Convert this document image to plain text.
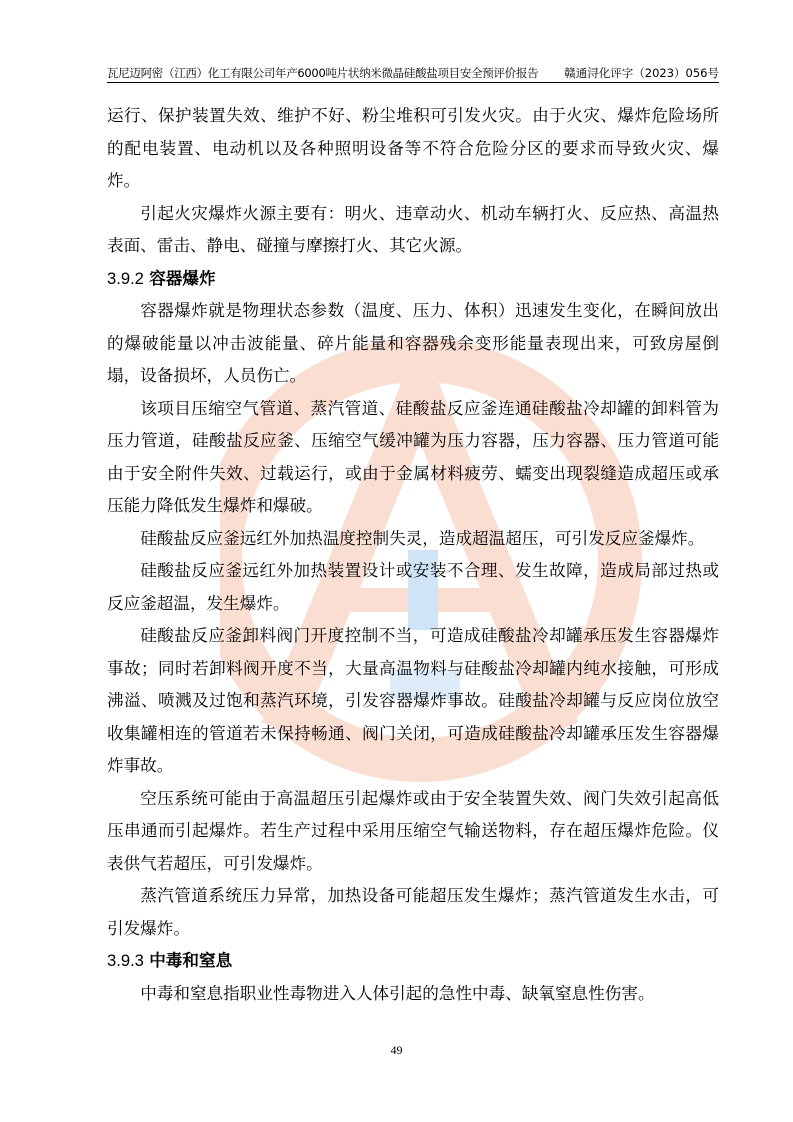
瓦尼迈阿密（江西）化工有限公司年产6000吨片状纳米微晶硅酸盐项目安全预评价报告 赣通浔化评字（2023）056号

运行、保护装置失效、维护不好、粉尘堆积可引发火灾。由于火灾、爆炸危险场所的配电装置、电动机以及各种照明设备等不符合危险分区的要求而导致火灾、爆炸。

引起火灾爆炸火源主要有：明火、违章动火、机动车辆打火、反应热、高温热表面、雷击、静电、碰撞与摩擦打火、其它火源。

3.9.2 容器爆炸

容器爆炸就是物理状态参数（温度、压力、体积）迅速发生变化，在瞬间放出的爆破能量以冲击波能量、碎片能量和容器残余变形能量表现出来，可致房屋倒塌，设备损坏，人员伤亡。

该项目压缩空气管道、蒸汽管道、硅酸盐反应釜连通硅酸盐冷却罐的卸料管为压力管道，硅酸盐反应釜、压缩空气缓冲罐为压力容器，压力容器、压力管道可能由于安全附件失效、过载运行，或由于金属材料疲劳、蠕变出现裂缝造成超压或承压能力降低发生爆炸和爆破。

硅酸盐反应釜远红外加热温度控制失灵，造成超温超压，可引发反应釜爆炸。

硅酸盐反应釜远红外加热装置设计或安装不合理、发生故障，造成局部过热或反应釜超温，发生爆炸。

硅酸盐反应釜卸料阀门开度控制不当，可造成硅酸盐冷却罐承压发生容器爆炸事故；同时若卸料阀开度不当，大量高温物料与硅酸盐冷却罐内纯水接触，可形成沸溢、喷溅及过饱和蒸汽环境，引发容器爆炸事故。硅酸盐冷却罐与反应岗位放空收集罐相连的管道若未保持畅通、阀门关闭，可造成硅酸盐冷却罐承压发生容器爆炸事故。

空压系统可能由于高温超压引起爆炸或由于安全装置失效、阀门失效引起高低压串通而引起爆炸。若生产过程中采用压缩空气输送物料，存在超压爆炸危险。仪表供气若超压，可引发爆炸。

蒸汽管道系统压力异常，加热设备可能超压发生爆炸；蒸汽管道发生水击，可引发爆炸。

3.9.3 中毒和窒息

中毒和窒息指职业性毒物进入人体引起的急性中毒、缺氧窒息性伤害。

49
